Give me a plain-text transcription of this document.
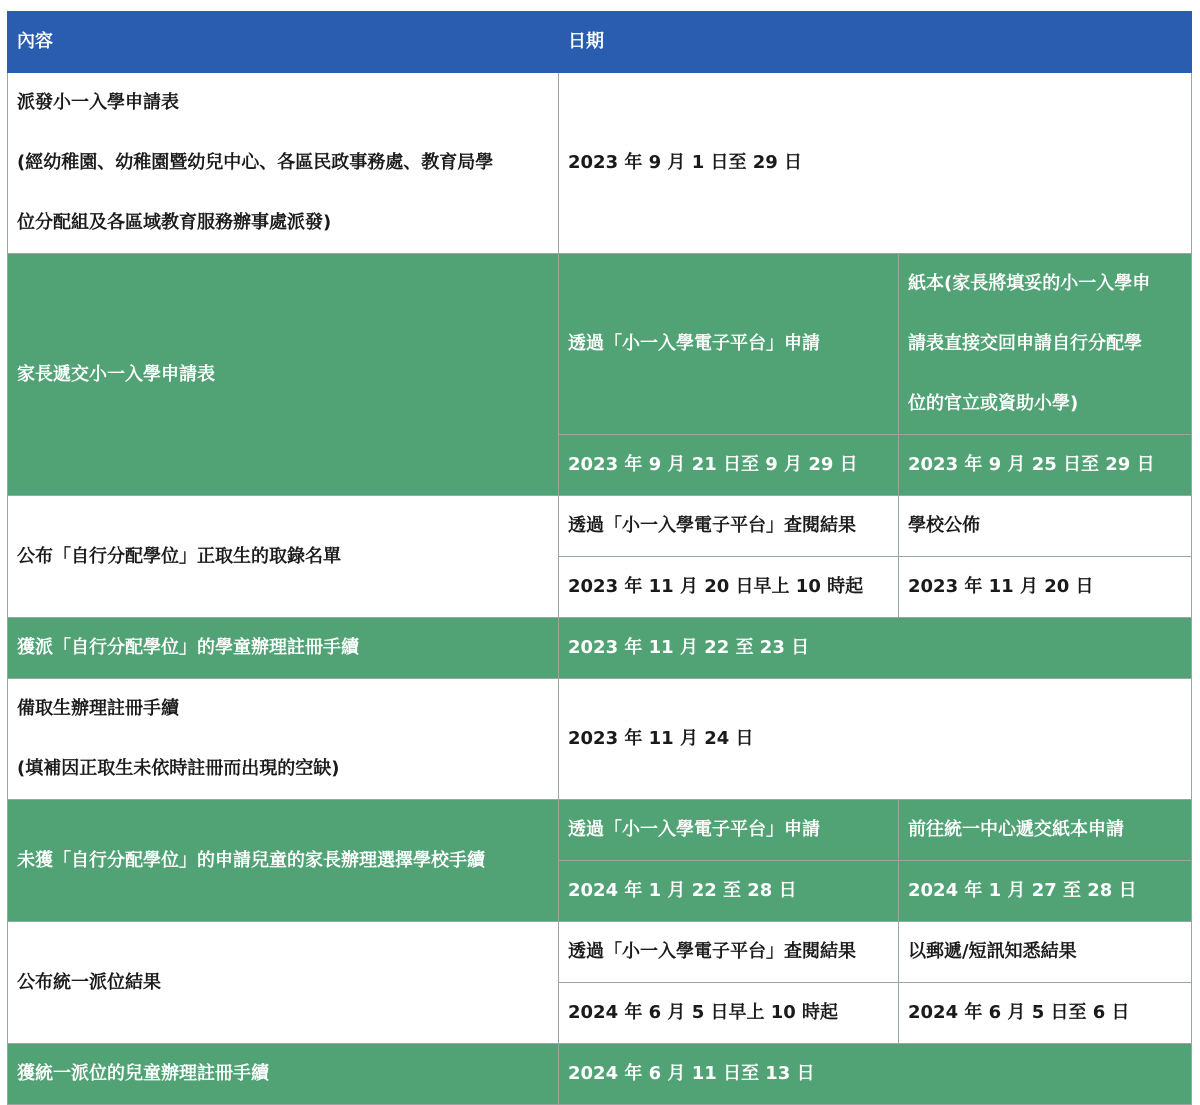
內容	日期	

派發小一入學申請表
(經幼稚園、幼稚園暨幼兒中心、各區民政事務處、教育局學
位分配組及各區域教育服務辦事處派發)	2023 年 9 月 1 日至 29 日	
家長遞交小一入學申請表	透過「小一入學電子平台」申請	紙本(家長將填妥的小一入學申
請表直接交回申請自行分配學
位的官立或資助小學)

	2023 年 9 月 21 日至 9 月 29 日	2023 年 9 月 25 日至 29 日
公布「自行分配學位」正取生的取錄名單	透過「小一入學電子平台」查閱結果	學校公佈
	2023 年 11 月 20 日早上 10 時起	2023 年 11 月 20 日
獲派「自行分配學位」的學童辦理註冊手續	2023 年 11 月 22 至 23 日	

備取生辦理註冊手續
(填補因正取生未依時註冊而出現的空缺)	2023 年 11 月 24 日	
未獲「自行分配學位」的申請兒童的家長辦理選擇學校手續	透過「小一入學電子平台」申請	前往統一中心遞交紙本申請
	2024 年 1 月 22 至 28 日	2024 年 1 月 27 至 28 日
公布統一派位結果	透過「小一入學電子平台」查閱結果	以郵遞/短訊知悉結果
	2024 年 6 月 5 日早上 10 時起	2024 年 6 月 5 日至 6 日
獲統一派位的兒童辦理註冊手續	2024 年 6 月 11 日至 13 日	
